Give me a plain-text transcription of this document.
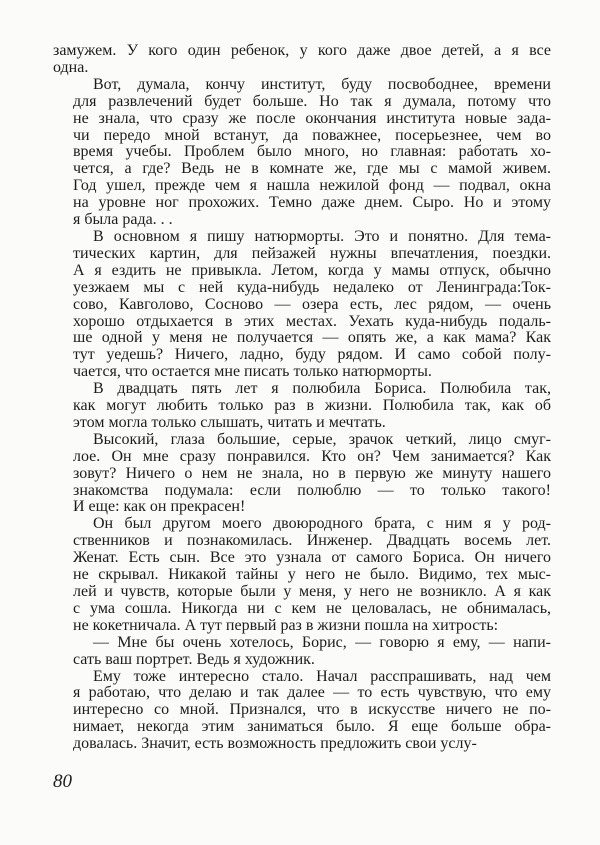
замужем. У кого один ребенок, у кого даже двое детей, а я все
одна.
Вот, думала, кончу институт, буду посвободнее, времени
для развлечений будет больше. Но так я думала, потому что
не знала, что сразу же после окончания института новые зада-
чи передо мной встанут, да поважнее, посерьезнее, чем во
время учебы. Проблем было много, но главная: работать хо-
чется, а где? Ведь не в комнате же, где мы с мамой живем.
Год ушел, прежде чем я нашла нежилой фонд — подвал, окна
на уровне ног прохожих. Темно даже днем. Сыро. Но и этому
я была рада. . .
В основном я пишу натюрморты. Это и понятно. Для тема-
тических картин, для пейзажей нужны впечатления, поездки.
А я ездить не привыкла. Летом, когда у мамы отпуск, обычно
уезжаем мы с ней куда-нибудь недалеко от Ленинграда:Ток-
сово, Кавголово, Сосново — озера есть, лес рядом, — очень
хорошо отдыхается в этих местах. Уехать куда-нибудь подаль-
ше одной у меня не получается — опять же, а как мама? Как
тут уедешь? Ничего, ладно, буду рядом. И само собой полу-
чается, что остается мне писать только натюрморты.
В двадцать пять лет я полюбила Бориса. Полюбила так,
как могут любить только раз в жизни. Полюбила так, как об
этом могла только слышать, читать и мечтать.
Высокий, глаза большие, серые, зрачок четкий, лицо смуг-
лое. Он мне сразу понравился. Кто он? Чем занимается? Как
зовут? Ничего о нем не знала, но в первую же минуту нашего
знакомства подумала: если полюблю — то только такого!
И еще: как он прекрасен!
Он был другом моего двоюродного брата, с ним я у род-
ственников и познакомилась. Инженер. Двадцать восемь лет.
Женат. Есть сын. Все это узнала от самого Бориса. Он ничего
не скрывал. Никакой тайны у него не было. Видимо, тех мыс-
лей и чувств, которые были у меня, у него не возникло. А я как
с ума сошла. Никогда ни с кем не целовалась, не обнималась,
не кокетничала. А тут первый раз в жизни пошла на хитрость:
— Мне бы очень хотелось, Борис, — говорю я ему, — напи-
сать ваш портрет. Ведь я художник.
Ему тоже интересно стало. Начал расспрашивать, над чем
я работаю, что делаю и так далее — то есть чувствую, что ему
интересно со мной. Признался, что в искусстве ничего не по-
нимает, некогда этим заниматься было. Я еще больше обра-
довалась. Значит, есть возможность предложить свои услу-
80
